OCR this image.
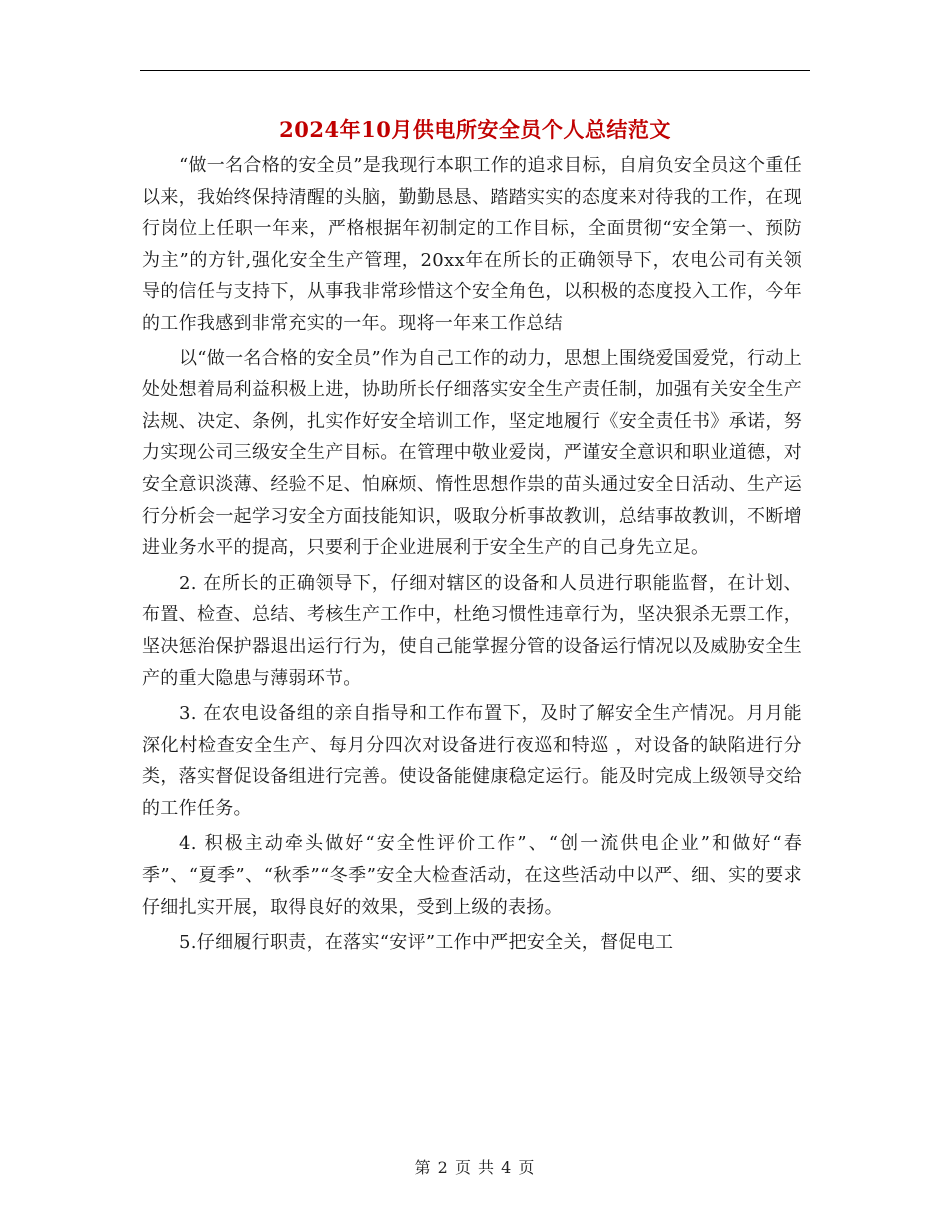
2024年10月供电所安全员个人总结范文

“做一名合格的安全员”是我现行本职工作的追求目标，自肩负安全员这个重任以来，我始终保持清醒的头脑，勤勤恳恳、踏踏实实的态度来对待我的工作，在现行岗位上任职一年来，严格根据年初制定的工作目标，全面贯彻“安全第一、预防为主”的方针,强化安全生产管理，20xx年在所长的正确领导下，农电公司有关领导的信任与支持下，从事我非常珍惜这个安全角色，以积极的态度投入工作，今年的工作我感到非常充实的一年。现将一年来工作总结

以“做一名合格的安全员”作为自己工作的动力，思想上围绕爱国爱党，行动上处处想着局利益积极上进，协助所长仔细落实安全生产责任制，加强有关安全生产法规、决定、条例，扎实作好安全培训工作，坚定地履行《安全责任书》承诺，努力实现公司三级安全生产目标。在管理中敬业爱岗，严谨安全意识和职业道德，对安全意识淡薄、经验不足、怕麻烦、惰性思想作祟的苗头通过安全日活动、生产运行分析会一起学习安全方面技能知识，吸取分析事故教训，总结事故教训，不断增进业务水平的提高，只要利于企业进展利于安全生产的自己身先立足。

2. 在所长的正确领导下，仔细对辖区的设备和人员进行职能监督，在计划、布置、检查、总结、考核生产工作中，杜绝习惯性违章行为，坚决狠杀无票工作，坚决惩治保护器退出运行行为，使自己能掌握分管的设备运行情况以及威胁安全生产的重大隐患与薄弱环节。

3. 在农电设备组的亲自指导和工作布置下，及时了解安全生产情况。月月能深化村检查安全生产、每月分四次对设备进行夜巡和特巡 ，对设备的缺陷进行分类，落实督促设备组进行完善。使设备能健康稳定运行。能及时完成上级领导交给的工作任务。

4. 积极主动牵头做好“安全性评价工作”、“创一流供电企业”和做好“春季”、“夏季”、“秋季”“冬季”安全大检查活动，在这些活动中以严、细、实的要求仔细扎实开展，取得良好的效果，受到上级的表扬。

5.仔细履行职责，在落实“安评”工作中严把安全关，督促电工

第 2 页 共 4 页
